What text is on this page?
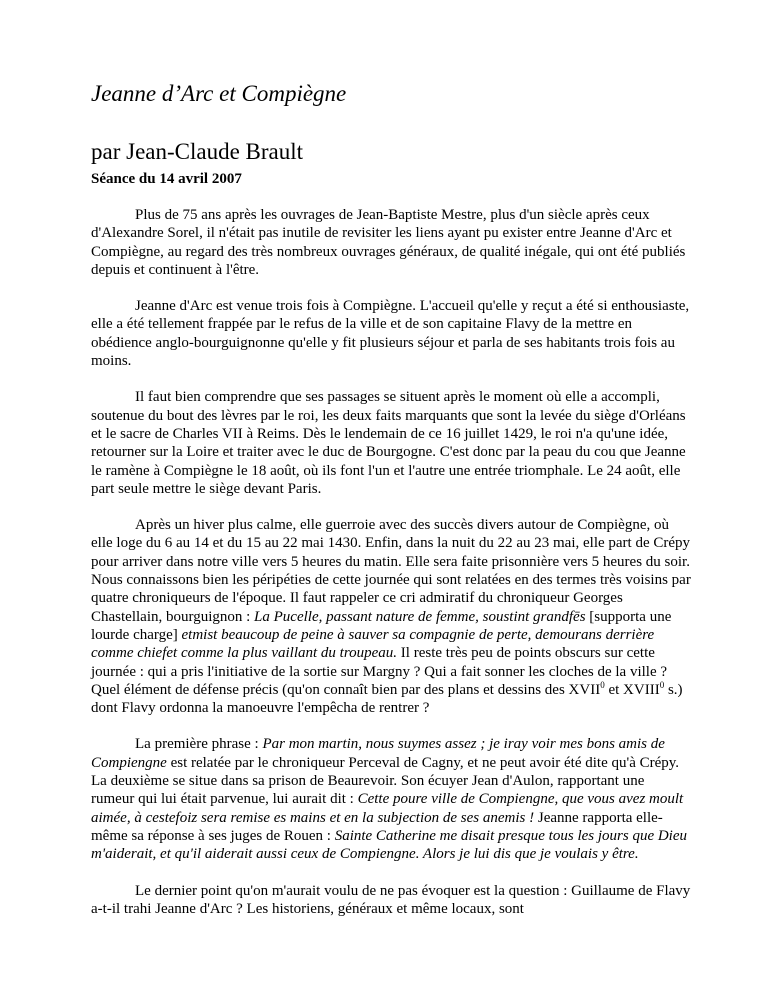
Jeanne d’Arc et Compiègne
par Jean-Claude Brault
Séance du 14 avril 2007

Plus de 75 ans après les ouvrages de Jean-Baptiste Mestre, plus d'un siècle après ceux d'Alexandre Sorel, il n'était pas inutile de revisiter les liens ayant pu exister entre Jeanne d'Arc et Compiègne, au regard des très nombreux ouvrages généraux, de qualité inégale, qui ont été publiés depuis et continuent à l'être.

Jeanne d'Arc est venue trois fois à Compiègne. L'accueil qu'elle y reçut a été si enthousiaste, elle a été tellement frappée par le refus de la ville et de son capitaine Flavy de la mettre en obédience anglo-bourguignonne qu'elle y fit plusieurs séjour et parla de ses habitants trois fois au moins.

Il faut bien comprendre que ses passages se situent après le moment où elle a accompli, soutenue du bout des lèvres par le roi, les deux faits marquants que sont la levée du siège d'Orléans et le sacre de Charles VII à Reims. Dès le lendemain de ce 16 juillet 1429, le roi n'a qu'une idée, retourner sur la Loire et traiter avec le duc de Bourgogne. C'est donc par la peau du cou que Jeanne le ramène à Compiègne le 18 août, où ils font l'un et l'autre une entrée triomphale. Le 24 août, elle part seule mettre le siège devant Paris.

Après un hiver plus calme, elle guerroie avec des succès divers autour de Compiègne, où elle loge du 6 au 14 et du 15 au 22 mai 1430. Enfin, dans la nuit du 22 au 23 mai, elle part de Crépy pour arriver dans notre ville vers 5 heures du matin. Elle sera faite prisonnière vers 5 heures du soir. Nous connaissons bien les péripéties de cette journée qui sont relatées en des termes très voisins par quatre chroniqueurs de l'époque. Il faut rappeler ce cri admiratif du chroniqueur Georges Chastellain, bourguignon : La Pucelle, passant nature de femme, soustint grandfēs [supporta une lourde charge] etmist beaucoup de peine à sauver sa compagnie de perte, demourans derrière comme chiefet comme la plus vaillant du troupeau. Il reste très peu de points obscurs sur cette journée : qui a pris l'initiative de la sortie sur Margny ? Qui a fait sonner les cloches de la ville ? Quel élément de défense précis (qu'on connaît bien par des plans et dessins des XVII$^0$ et XVIII$^0$ s.) dont Flavy ordonna la manoeuvre l'empêcha de rentrer ?

La première phrase : Par mon martin, nous suymes assez ; je iray voir mes bons amis de Compiengne est relatée par le chroniqueur Perceval de Cagny, et ne peut avoir été dite qu'à Crépy. La deuxième se situe dans sa prison de Beaurevoir. Son écuyer Jean d'Aulon, rapportant une rumeur qui lui était parvenue, lui aurait dit : Cette poure ville de Compiengne, que vous avez moult aimée, à cestefoiz sera remise es mains et en la subjection de ses anemis ! Jeanne rapporta elle-même sa réponse à ses juges de Rouen : Sainte Catherine me disait presque tous les jours que Dieu m'aiderait, et qu'il aiderait aussi ceux de Compiengne. Alors je lui dis que je voulais y être.

Le dernier point qu'on m'aurait voulu de ne pas évoquer est la question : Guillaume de Flavy a-t-il trahi Jeanne d'Arc ? Les historiens, généraux et même locaux, sont
